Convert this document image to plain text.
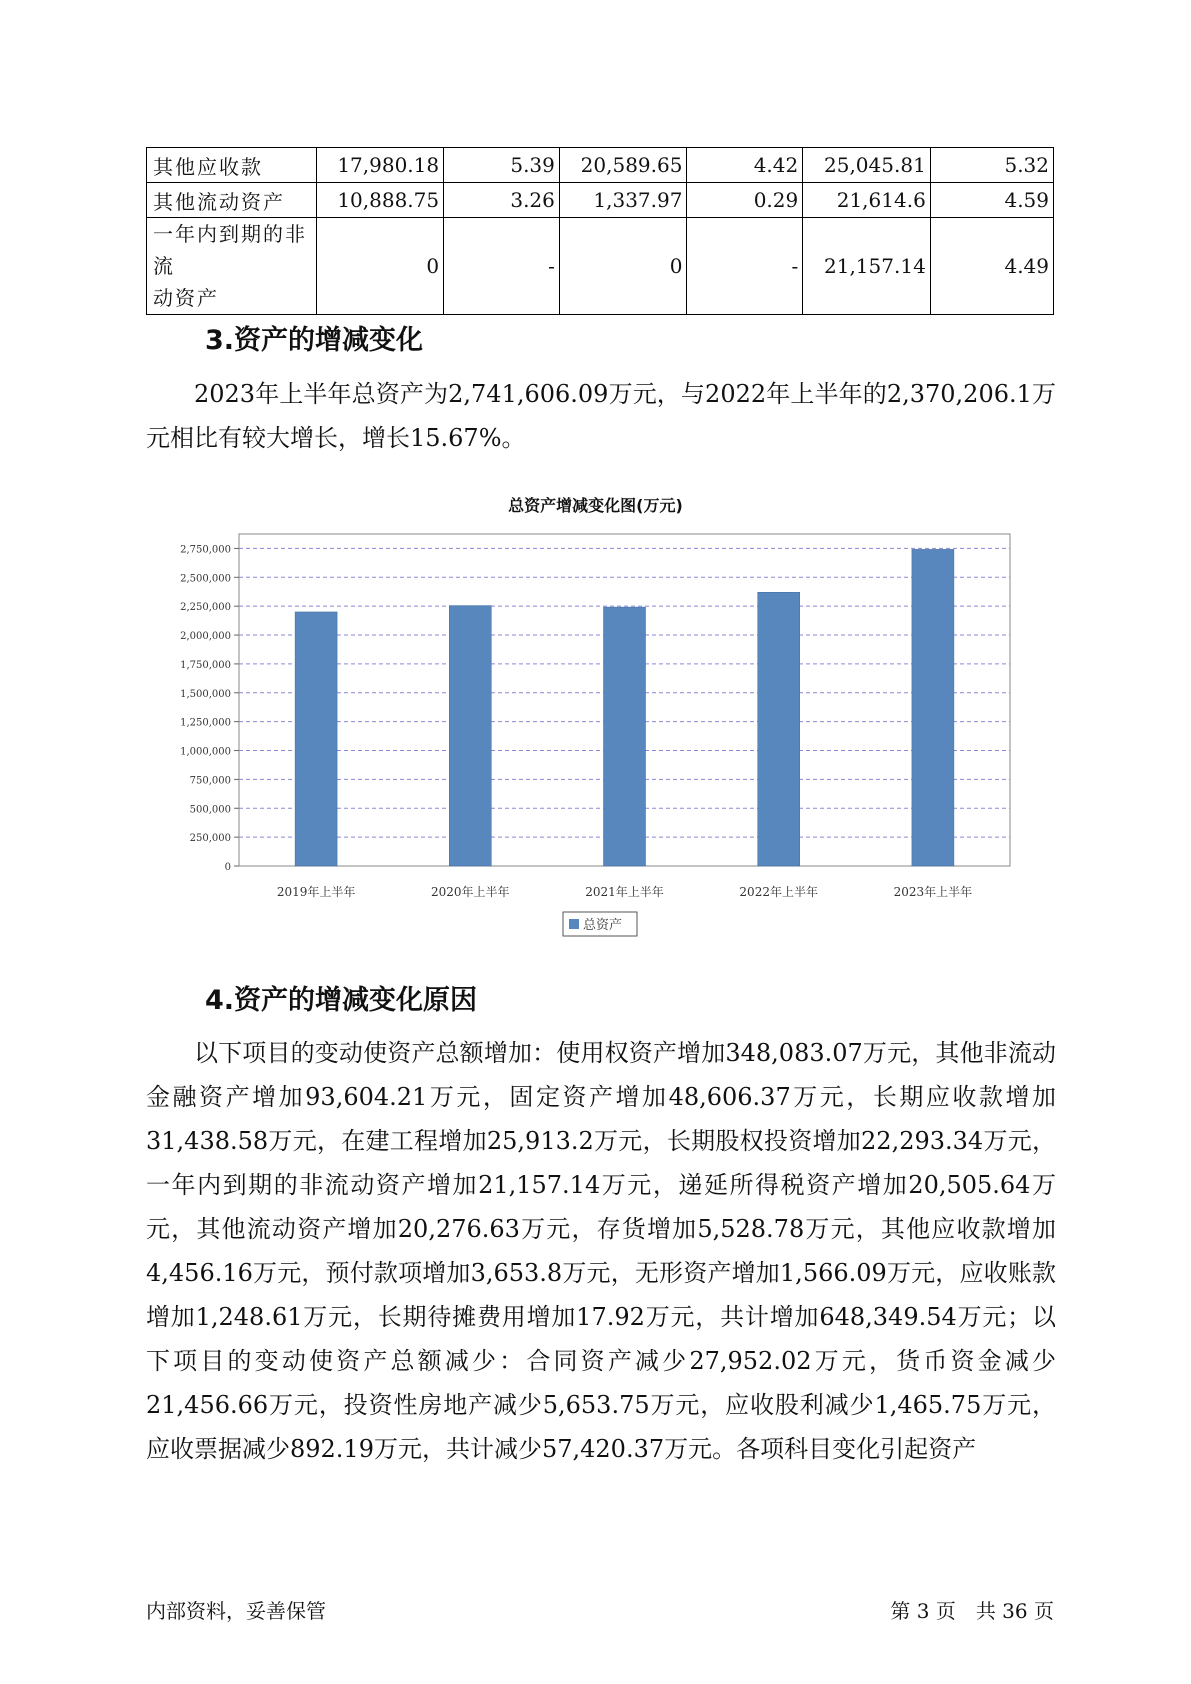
其他应收款	17,980.18	5.39	20,589.65	4.42	25,045.81	5.32
其他流动资产	10,888.75	3.26	1,337.97	0.29	21,614.6	4.59

一年内到期的非流
动资产	0	-	0	-	21,157.14	4.49
3.资产的增减变化

2023年上半年总资产为2,741,606.09万元，与2022年上半年的2,370,206.1万元相比有较大增长，增长15.67%。

总资产增减变化图(万元)
0
250,000
500,000
750,000
1,000,000
1,250,000
1,500,000
1,750,000
2,000,000
2,250,000
2,500,000
2,750,000
2019年上半年	2020年上半年	2021年上半年	2022年上半年	2023年上半年
总资产
4.资产的增减变化原因

以下项目的变动使资产总额增加：使用权资产增加348,083.07万元，其他非流动金融资产增加93,604.21万元，固定资产增加48,606.37万元，长期应收款增加31,438.58万元，在建工程增加25,913.2万元，长期股权投资增加22,293.34万元，一年内到期的非流动资产增加21,157.14万元，递延所得税资产增加20,505.64万元，其他流动资产增加20,276.63万元，存货增加5,528.78万元，其他应收款增加4,456.16万元，预付款项增加3,653.8万元，无形资产增加1,566.09万元，应收账款增加1,248.61万元，长期待摊费用增加17.92万元，共计增加648,349.54万元；以下项目的变动使资产总额减少：合同资产减少27,952.02万元，货币资金减少21,456.66万元，投资性房地产减少5,653.75万元，应收股利减少1,465.75万元，应收票据减少892.19万元，共计减少57,420.37万元。各项科目变化引起资产

内部资料，妥善保管	第 3 页　共 36 页
